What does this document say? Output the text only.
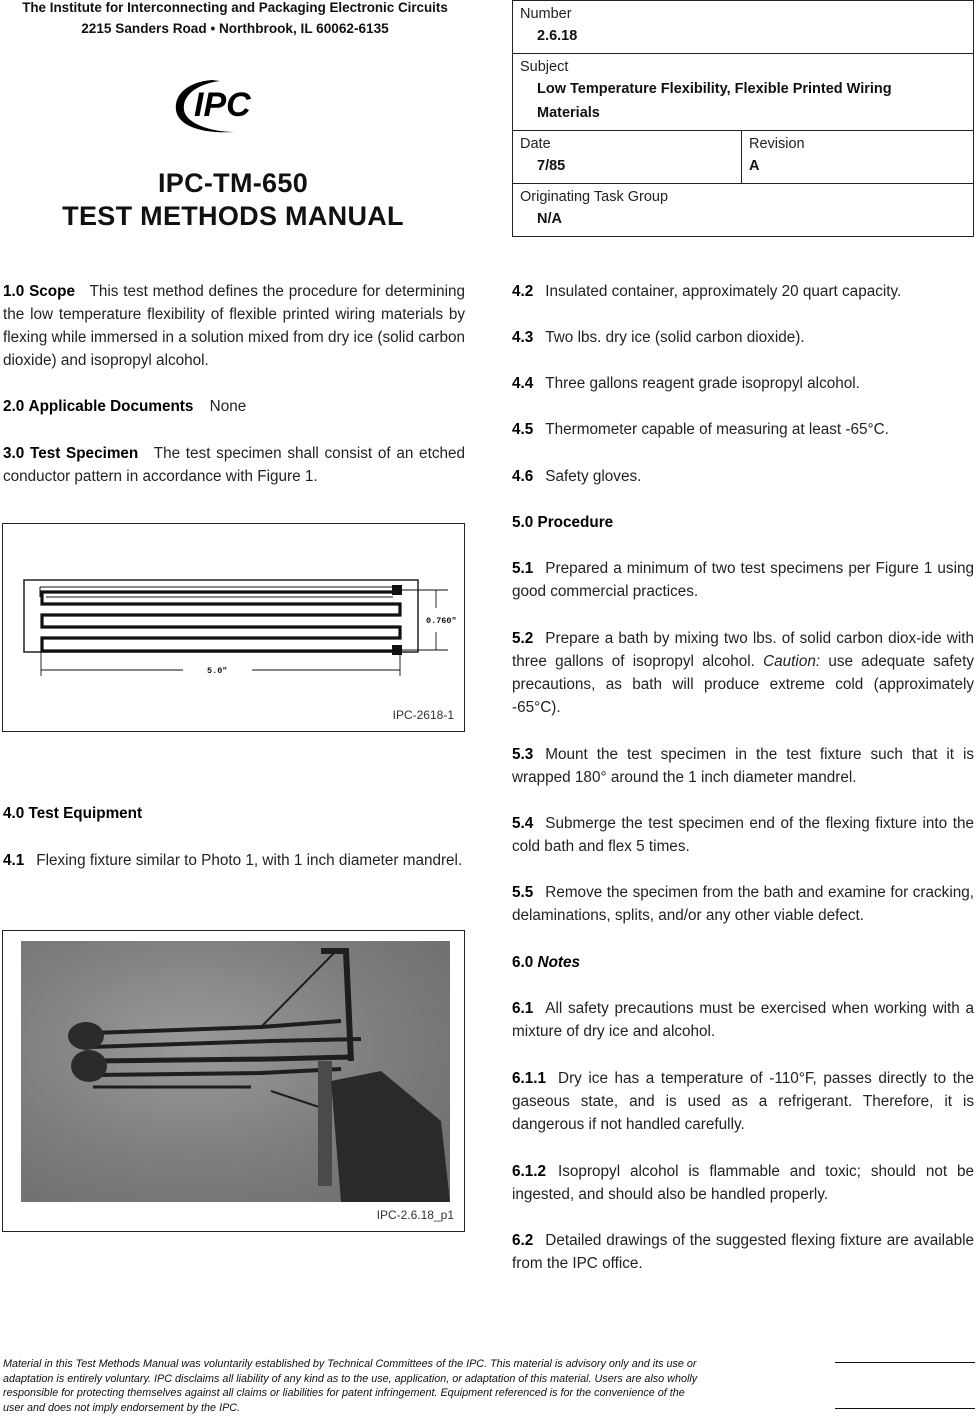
The Institute for Interconnecting and Packaging Electronic Circuits
2215 Sanders Road • Northbrook, IL 60062-6135
IPC
IPC-TM-650
TEST METHODS MANUAL
Number
2.6.18
Subject
Low Temperature Flexibility, Flexible Printed Wiring
Materials
Date
7/85
Revision
A
Originating Task Group
N/A
1.0 Scope This test method defines the procedure for determining the low temperature flexibility of flexible printed wiring materials by flexing while immersed in a solution mixed from dry ice (solid carbon dioxide) and isopropyl alcohol.
2.0 Applicable Documents None
3.0 Test Specimen The test specimen shall consist of an etched conductor pattern in accordance with Figure 1.
0.760"
5.0"
IPC-2618-1
4.0 Test Equipment
4.1 Flexing fixture similar to Photo 1, with 1 inch diameter mandrel.
IPC-2.6.18_p1
4.2 Insulated container, approximately 20 quart capacity.
4.3 Two lbs. dry ice (solid carbon dioxide).
4.4 Three gallons reagent grade isopropyl alcohol.
4.5 Thermometer capable of measuring at least -65°C.
4.6 Safety gloves.
5.0 Procedure
5.1 Prepared a minimum of two test specimens per Figure 1 using good commercial practices.
5.2 Prepare a bath by mixing two lbs. of solid carbon diox-ide with three gallons of isopropyl alcohol. Caution: use adequate safety precautions, as bath will produce extreme cold (approximately -65°C).
5.3 Mount the test specimen in the test fixture such that it is wrapped 180° around the 1 inch diameter mandrel.
5.4 Submerge the test specimen end of the flexing fixture into the cold bath and flex 5 times.
5.5 Remove the specimen from the bath and examine for cracking, delaminations, splits, and/or any other viable defect.
6.0 Notes
6.1 All safety precautions must be exercised when working with a mixture of dry ice and alcohol.
6.1.1 Dry ice has a temperature of -110°F, passes directly to the gaseous state, and is used as a refrigerant. Therefore, it is dangerous if not handled carefully.
6.1.2 Isopropyl alcohol is flammable and toxic; should not be ingested, and should also be handled properly.
6.2 Detailed drawings of the suggested flexing fixture are available from the IPC office.
Material in this Test Methods Manual was voluntarily established by Technical Committees of the IPC. This material is advisory only and its use or adaptation is entirely voluntary. IPC disclaims all liability of any kind as to the use, application, or adaptation of this material. Users are also wholly responsible for protecting themselves against all claims or liabilities for patent infringement. Equipment referenced is for the convenience of the user and does not imply endorsement by the IPC.
